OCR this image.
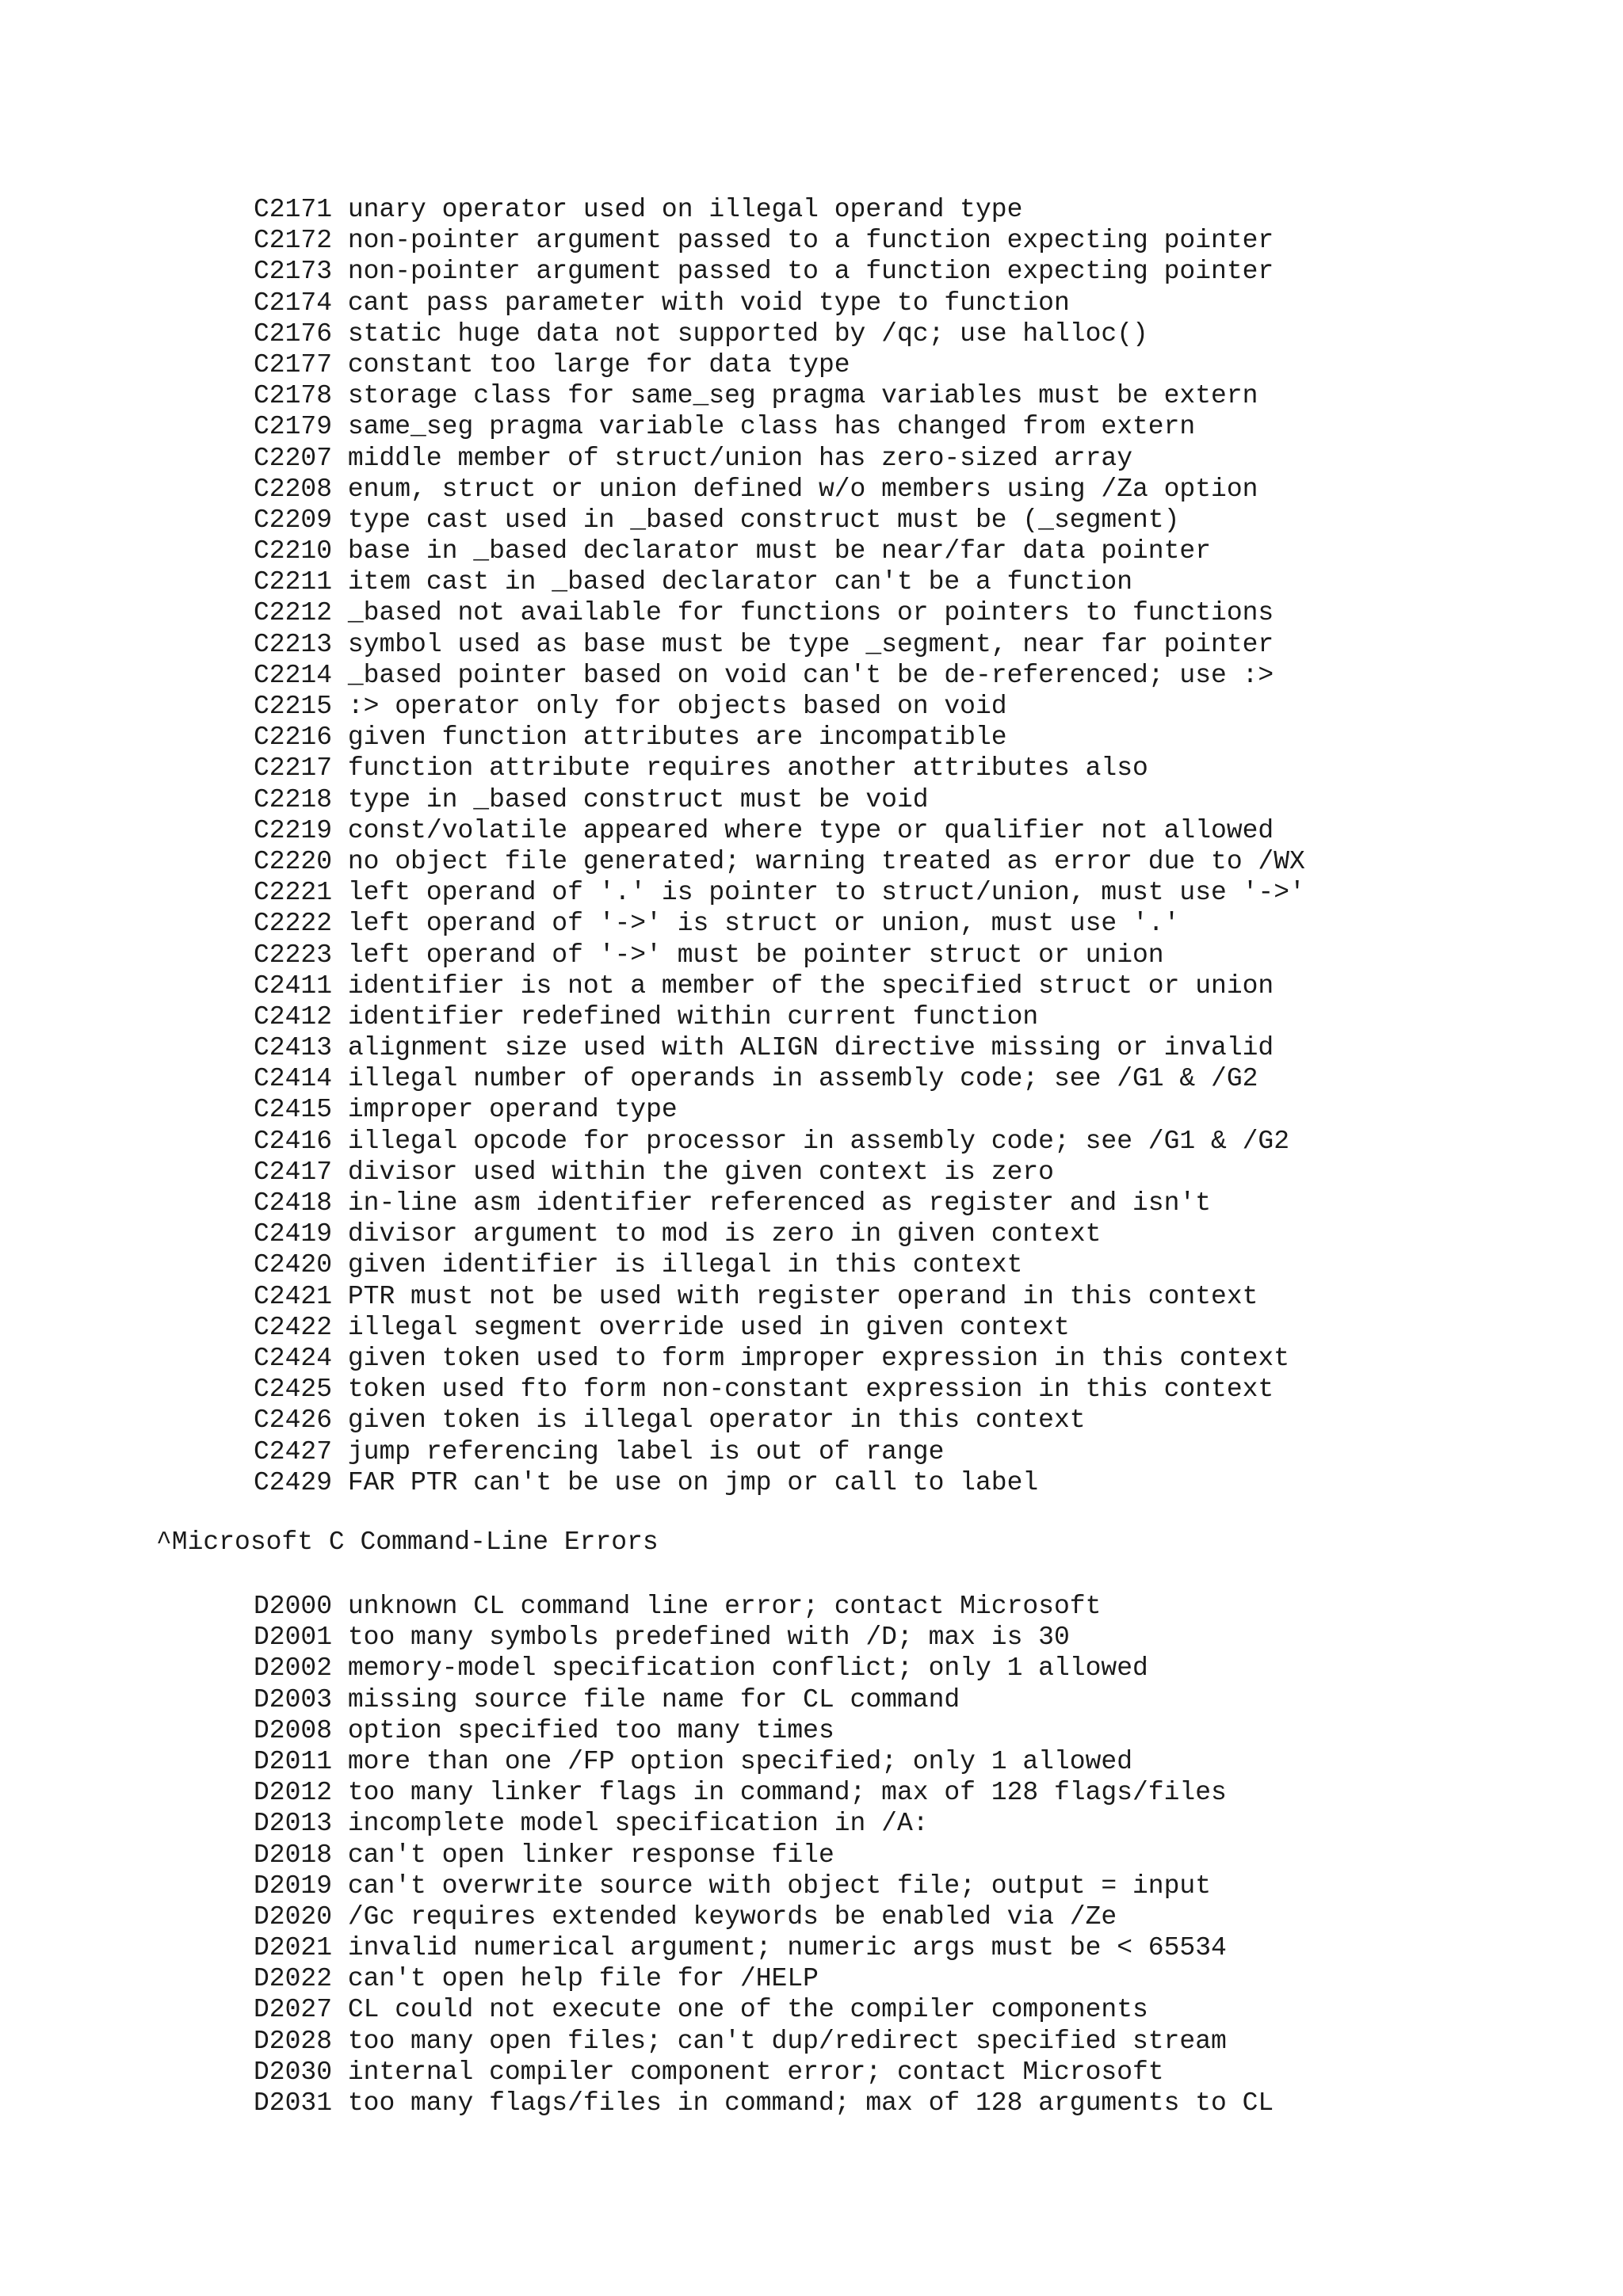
C2171 unary operator used on illegal operand type
C2172 non-pointer argument passed to a function expecting pointer
C2173 non-pointer argument passed to a function expecting pointer
C2174 cant pass parameter with void type to function
C2176 static huge data not supported by /qc; use halloc()
C2177 constant too large for data type
C2178 storage class for same_seg pragma variables must be extern
C2179 same_seg pragma variable class has changed from extern
C2207 middle member of struct/union has zero-sized array
C2208 enum, struct or union defined w/o members using /Za option
C2209 type cast used in _based construct must be (_segment)
C2210 base in _based declarator must be near/far data pointer
C2211 item cast in _based declarator can't be a function
C2212 _based not available for functions or pointers to functions
C2213 symbol used as base must be type _segment, near far pointer
C2214 _based pointer based on void can't be de-referenced; use :>
C2215 :> operator only for objects based on void
C2216 given function attributes are incompatible
C2217 function attribute requires another attributes also
C2218 type in _based construct must be void
C2219 const/volatile appeared where type or qualifier not allowed
C2220 no object file generated; warning treated as error due to /WX
C2221 left operand of '.' is pointer to struct/union, must use '->'
C2222 left operand of '->' is struct or union, must use '.'
C2223 left operand of '->' must be pointer struct or union
C2411 identifier is not a member of the specified struct or union
C2412 identifier redefined within current function
C2413 alignment size used with ALIGN directive missing or invalid
C2414 illegal number of operands in assembly code; see /G1 & /G2
C2415 improper operand type
C2416 illegal opcode for processor in assembly code; see /G1 & /G2
C2417 divisor used within the given context is zero
C2418 in-line asm identifier referenced as register and isn't
C2419 divisor argument to mod is zero in given context
C2420 given identifier is illegal in this context
C2421 PTR must not be used with register operand in this context
C2422 illegal segment override used in given context
C2424 given token used to form improper expression in this context
C2425 token used fto form non-constant expression in this context
C2426 given token is illegal operator in this context
C2427 jump referencing label is out of range
C2429 FAR PTR can't be use on jmp or call to label
^Microsoft C Command-Line Errors
D2000 unknown CL command line error; contact Microsoft
D2001 too many symbols predefined with /D; max is 30
D2002 memory-model specification conflict; only 1 allowed
D2003 missing source file name for CL command
D2008 option specified too many times
D2011 more than one /FP option specified; only 1 allowed
D2012 too many linker flags in command; max of 128 flags/files
D2013 incomplete model specification in /A:
D2018 can't open linker response file
D2019 can't overwrite source with object file; output = input
D2020 /Gc requires extended keywords be enabled via /Ze
D2021 invalid numerical argument; numeric args must be < 65534
D2022 can't open help file for /HELP
D2027 CL could not execute one of the compiler components
D2028 too many open files; can't dup/redirect specified stream
D2030 internal compiler component error; contact Microsoft
D2031 too many flags/files in command; max of 128 arguments to CL
